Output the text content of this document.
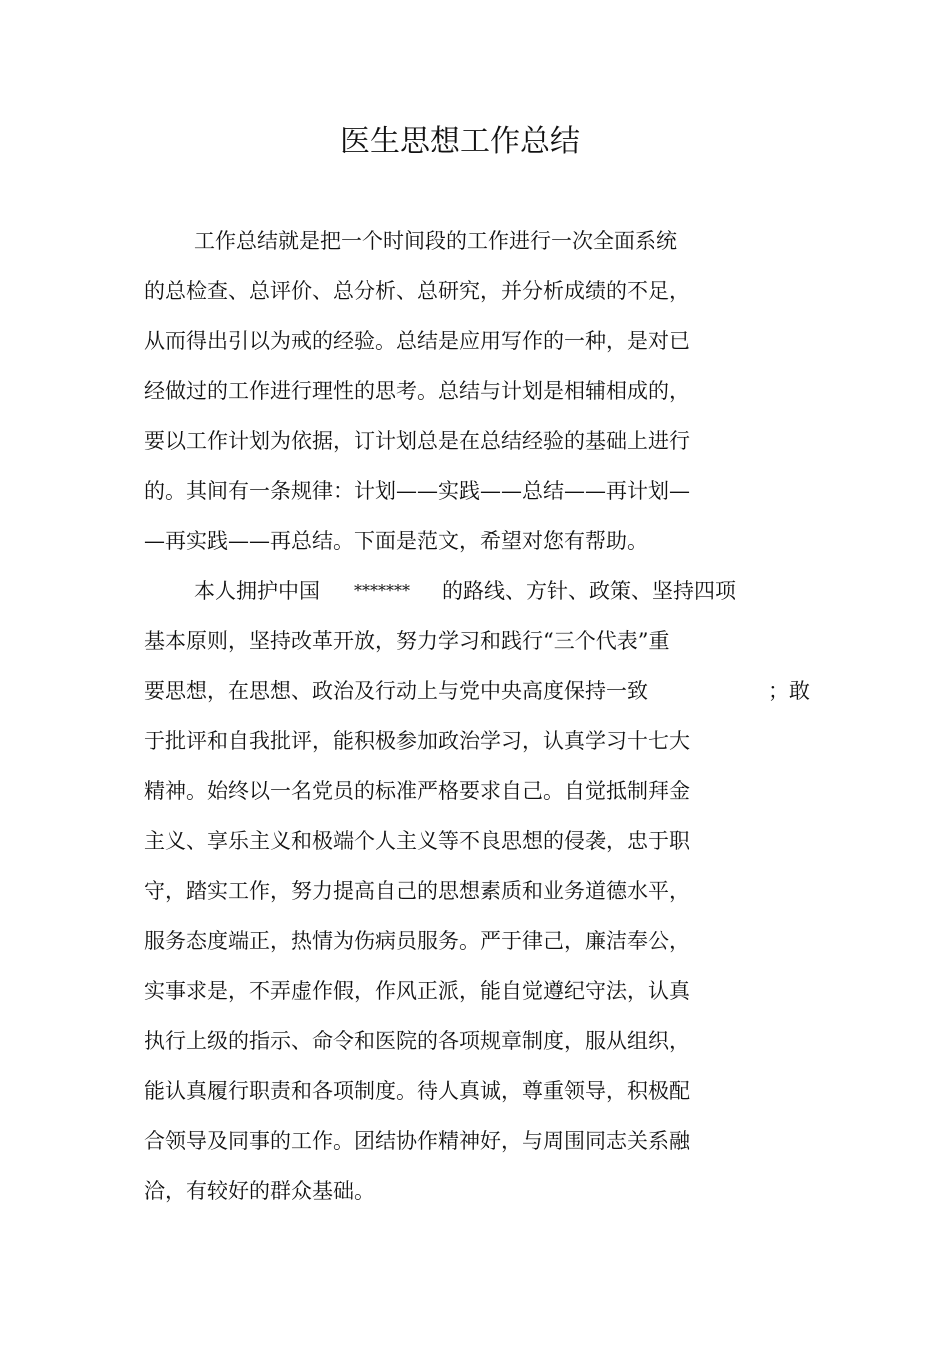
医生思想工作总结
工作总结就是把一个时间段的工作进行一次全面系统
的总检查、总评价、总分析、总研究，并分析成绩的不足，
从而得出引以为戒的经验。总结是应用写作的一种，是对已
经做过的工作进行理性的思考。总结与计划是相辅相成的，
要以工作计划为依据，订计划总是在总结经验的基础上进行
的。其间有一条规律：计划——实践——总结——再计划—
—再实践——再总结。下面是范文，希望对您有帮助。
本人拥护中国 ******* 的路线、方针、政策、坚持四项
基本原则，坚持改革开放，努力学习和践行“三个代表”重
要思想，在思想、政治及行动上与党中央高度保持一致	；敢
于批评和自我批评，能积极参加政治学习，认真学习十七大
精神。始终以一名党员的标准严格要求自己。自觉抵制拜金
主义、享乐主义和极端个人主义等不良思想的侵袭，忠于职
守，踏实工作，努力提高自己的思想素质和业务道德水平，
服务态度端正，热情为伤病员服务。严于律己，廉洁奉公，
实事求是，不弄虚作假，作风正派，能自觉遵纪守法，认真
执行上级的指示、命令和医院的各项规章制度，服从组织，
能认真履行职责和各项制度。待人真诚，尊重领导，积极配
合领导及同事的工作。团结协作精神好，与周围同志关系融
洽，有较好的群众基础。
